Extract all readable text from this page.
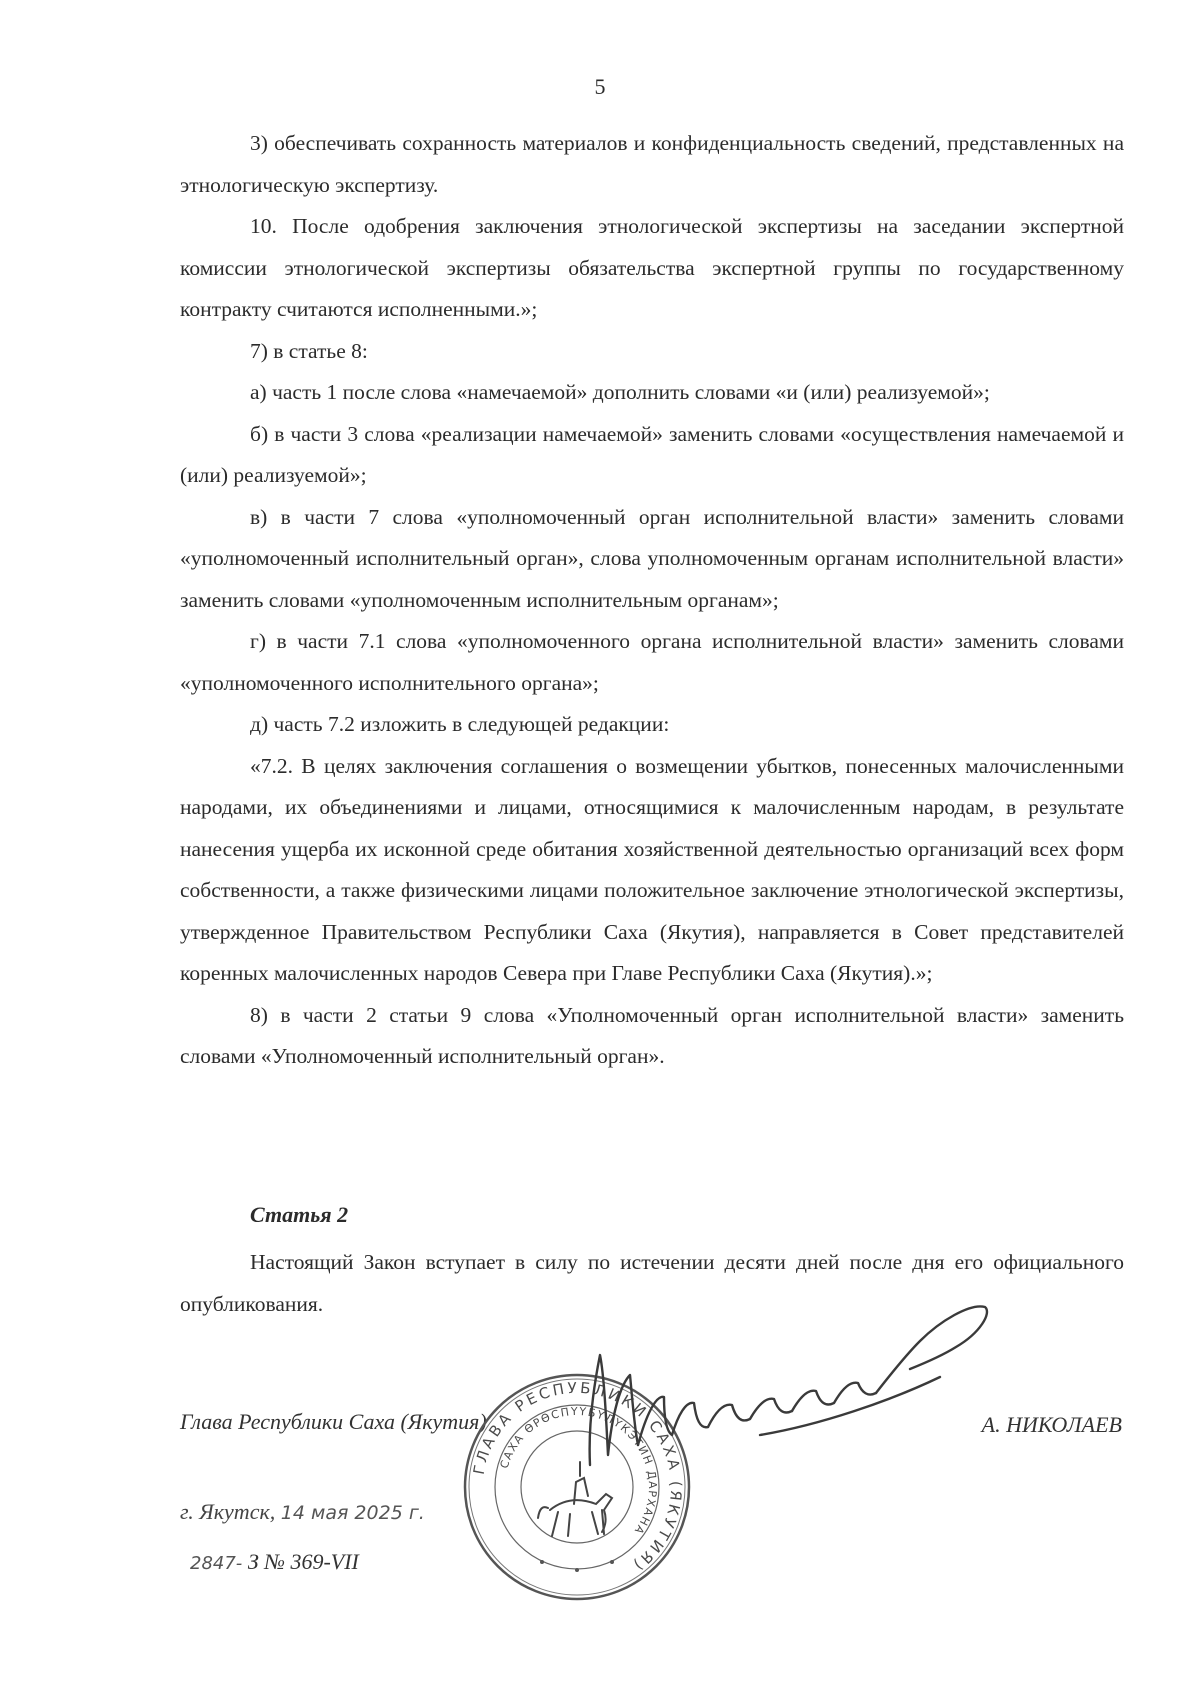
5

3) обеспечивать сохранность материалов и конфиденциальность сведений, представленных на этнологическую экспертизу.

10. После одобрения заключения этнологической экспертизы на заседании экспертной комиссии этнологической экспертизы обязательства экспертной группы по государственному контракту считаются исполненными.»;

7) в статье 8:

а) часть 1 после слова «намечаемой» дополнить словами «и (или) реализуемой»;

б) в части 3 слова «реализации намечаемой» заменить словами «осуществления намечаемой и (или) реализуемой»;

в) в части 7 слова «уполномоченный орган исполнительной власти» заменить словами «уполномоченный исполнительный орган», слова уполномоченным органам исполнительной власти» заменить словами «уполномоченным исполнительным органам»;

г) в части 7.1 слова «уполномоченного органа исполнительной власти» заменить словами «уполномоченного исполнительного органа»;

д) часть 7.2 изложить в следующей редакции:

«7.2. В целях заключения соглашения о возмещении убытков, понесенных малочисленными народами, их объединениями и лицами, относящимися к малочисленным народам, в результате нанесения ущерба их исконной среде обитания хозяйственной деятельностью организаций всех форм собственности, а также физическими лицами положительное заключение этнологической экспертизы, утвержденное Правительством Республики Саха (Якутия), направляется в Совет представителей коренных малочисленных народов Севера при Главе Республики Саха (Якутия).»;

8) в части 2 статьи 9 слова «Уполномоченный орган исполнительной власти» заменить словами «Уполномоченный исполнительный орган».

Статья 2

Настоящий Закон вступает в силу по истечении десяти дней после дня его официального опубликования.

Глава Республики Саха (Якутия)	А. НИКОЛАЕВ
г. Якутск, 14 мая 2025 г.
2847- З № 369-VII
ГЛАВА РЕСПУБЛИКИ САХА (ЯКУТИЯ)
САХА ӨРӨСПҮҮБҮЛҮКЭТИН ДАРХАНА
